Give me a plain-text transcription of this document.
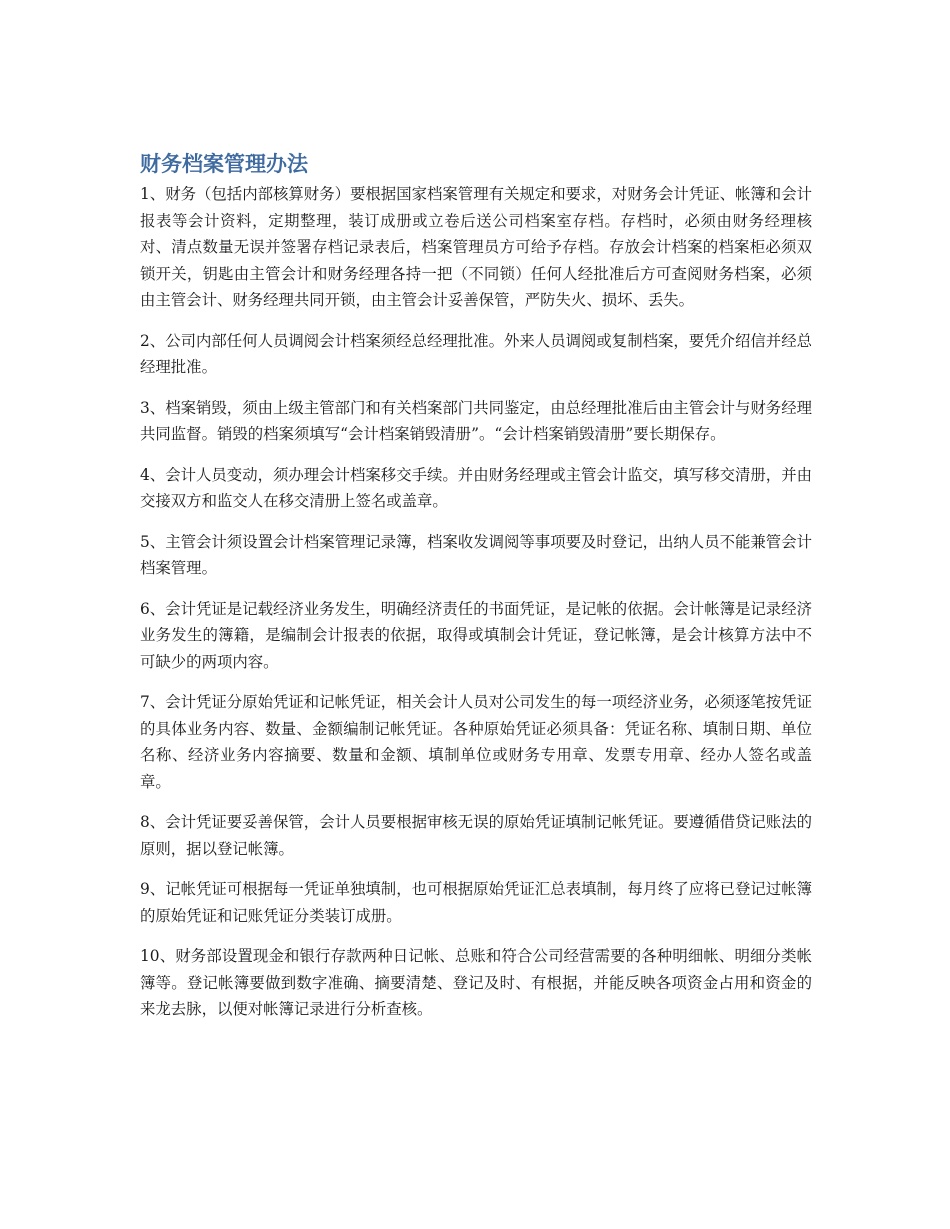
财务档案管理办法

1、财务（包括内部核算财务）要根据国家档案管理有关规定和要求，对财务会计凭证、帐簿和会计报表等会计资料，定期整理，装订成册或立卷后送公司档案室存档。存档时，必须由财务经理核对、清点数量无误并签署存档记录表后，档案管理员方可给予存档。存放会计档案的档案柜必须双锁开关，钥匙由主管会计和财务经理各持一把（不同锁）任何人经批准后方可查阅财务档案，必须由主管会计、财务经理共同开锁，由主管会计妥善保管，严防失火、损坏、丢失。

2、公司内部任何人员调阅会计档案须经总经理批准。外来人员调阅或复制档案，要凭介绍信并经总经理批准。

3、档案销毁，须由上级主管部门和有关档案部门共同鉴定，由总经理批准后由主管会计与财务经理共同监督。销毁的档案须填写“会计档案销毁清册”。“会计档案销毁清册”要长期保存。

4、会计人员变动，须办理会计档案移交手续。并由财务经理或主管会计监交，填写移交清册，并由交接双方和监交人在移交清册上签名或盖章。

5、主管会计须设置会计档案管理记录簿，档案收发调阅等事项要及时登记，出纳人员不能兼管会计档案管理。

6、会计凭证是记载经济业务发生，明确经济责任的书面凭证，是记帐的依据。会计帐簿是记录经济业务发生的簿籍，是编制会计报表的依据，取得或填制会计凭证，登记帐簿，是会计核算方法中不可缺少的两项内容。

7、会计凭证分原始凭证和记帐凭证，相关会计人员对公司发生的每一项经济业务，必须逐笔按凭证的具体业务内容、数量、金额编制记帐凭证。各种原始凭证必须具备：凭证名称、填制日期、单位名称、经济业务内容摘要、数量和金额、填制单位或财务专用章、发票专用章、经办人签名或盖章。

8、会计凭证要妥善保管，会计人员要根据审核无误的原始凭证填制记帐凭证。要遵循借贷记账法的原则，据以登记帐簿。

9、记帐凭证可根据每一凭证单独填制，也可根据原始凭证汇总表填制，每月终了应将已登记过帐簿的原始凭证和记账凭证分类装订成册。

10、财务部设置现金和银行存款两种日记帐、总账和符合公司经营需要的各种明细帐、明细分类帐簿等。登记帐簿要做到数字准确、摘要清楚、登记及时、有根据，并能反映各项资金占用和资金的来龙去脉，以便对帐簿记录进行分析查核。
